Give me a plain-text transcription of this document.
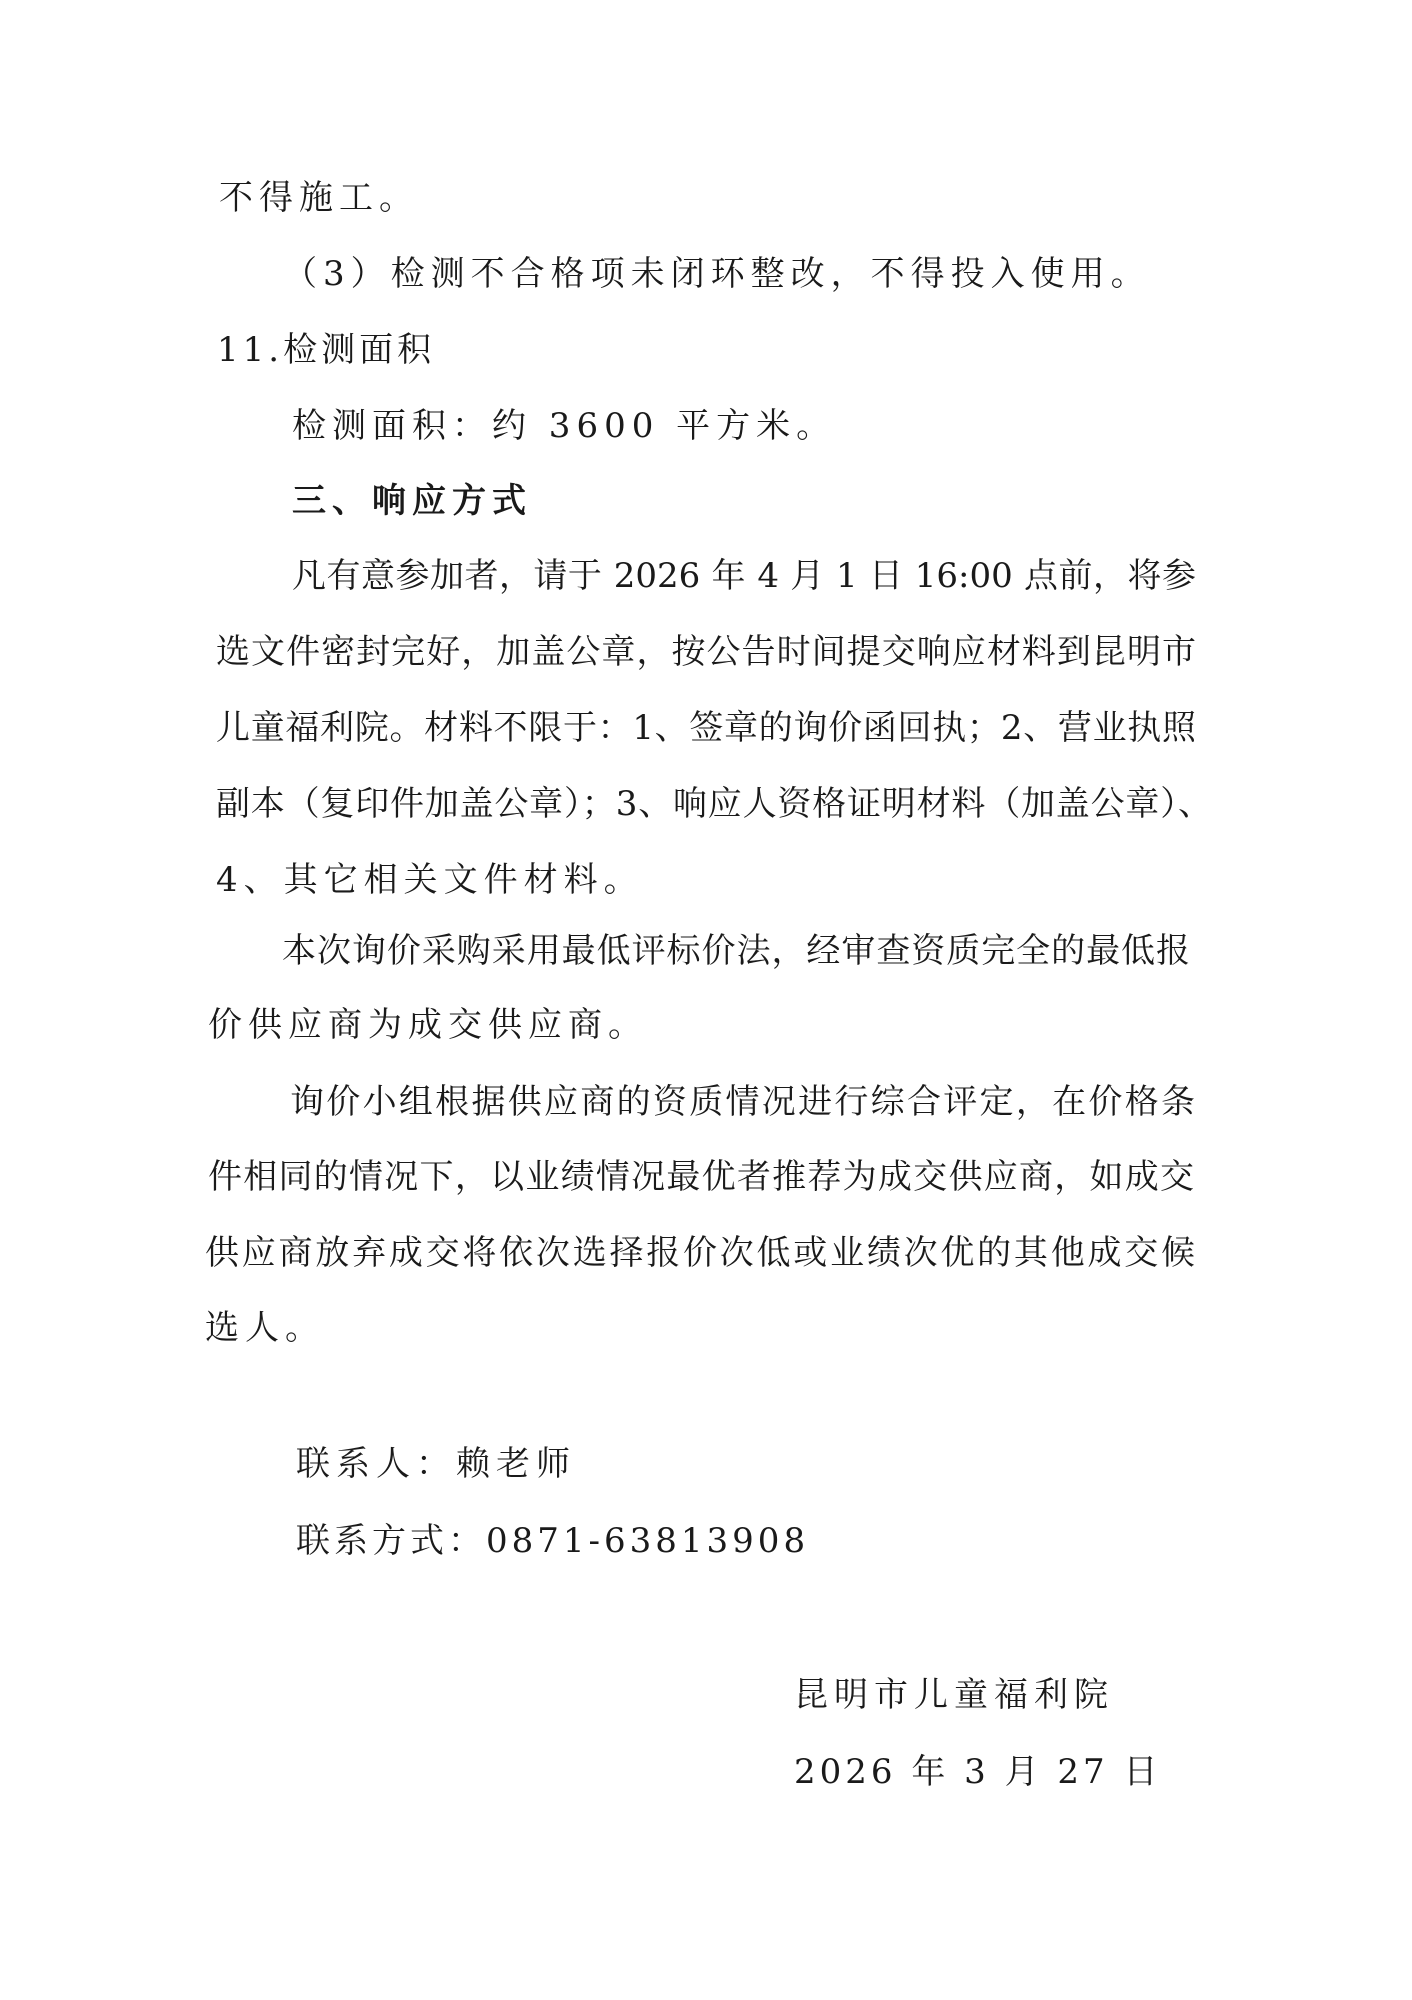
不得施工。
（3）检测不合格项未闭环整改，不得投入使用。
11.检测面积
检测面积：约 3600 平方米。
三、响应方式
凡有意参加者，请于 2026 年 4 月 1 日 16:00 点前，将参
选文件密封完好，加盖公章，按公告时间提交响应材料到昆明市
儿童福利院。材料不限于：1、签章的询价函回执；2、营业执照
副本（复印件加盖公章）；3、响应人资格证明材料（加盖公章）、
4、其它相关文件材料。
本次询价采购采用最低评标价法，经审查资质完全的最低报
价供应商为成交供应商。
询价小组根据供应商的资质情况进行综合评定，在价格条
件相同的情况下，以业绩情况最优者推荐为成交供应商，如成交
供应商放弃成交将依次选择报价次低或业绩次优的其他成交候
选人。
联系人：赖老师
联系方式：0871-63813908
昆明市儿童福利院
2026 年 3 月 27 日
